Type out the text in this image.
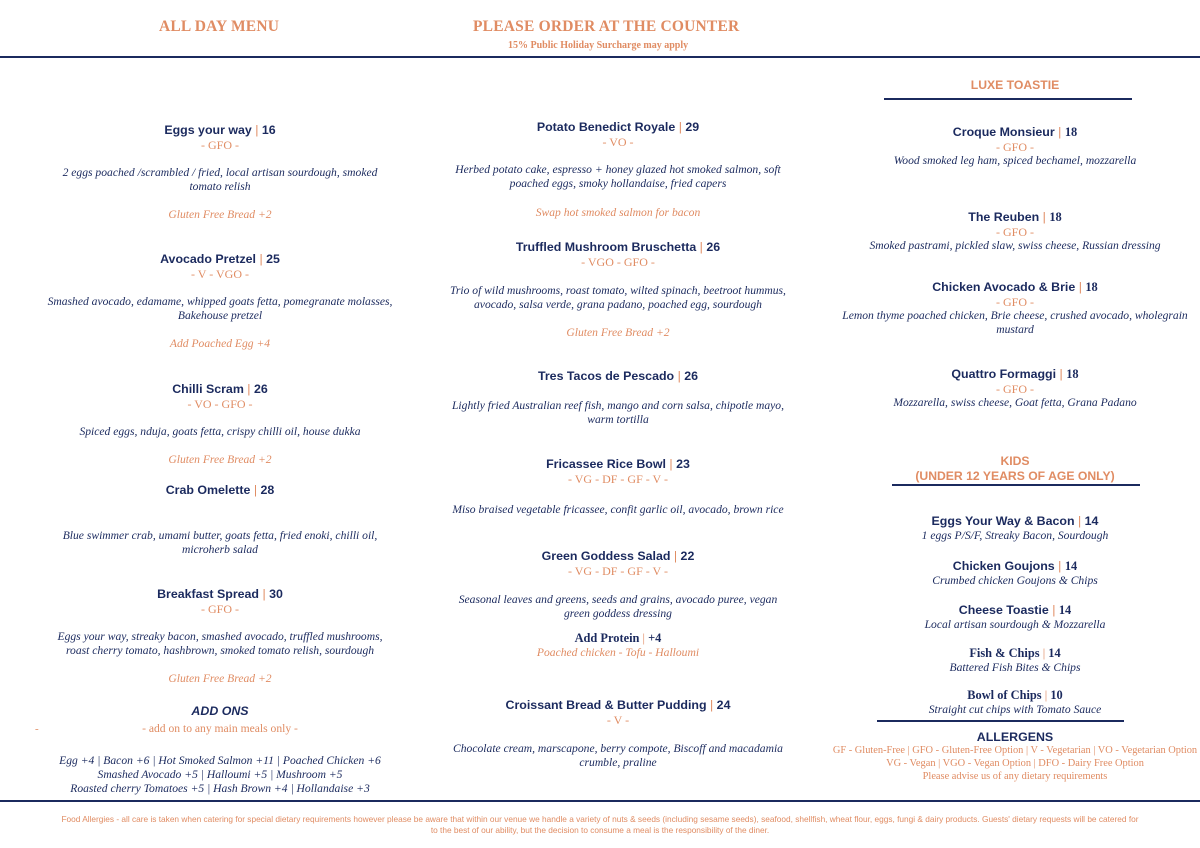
ALL DAY MENU	PLEASE ORDER AT THE COUNTER
15% Public Holiday Surcharge may apply
Eggs your way | 16
- GFO -
2 eggs poached /scrambled / fried, local artisan sourdough, smoked
tomato relish
Gluten Free Bread +2
Avocado Pretzel | 25
- V - VGO -
Smashed avocado, edamame, whipped goats fetta, pomegranate molasses,
Bakehouse pretzel
Add Poached Egg +4
Chilli Scram | 26
- VO - GFO -
Spiced eggs, nduja, goats fetta, crispy chilli oil, house dukka
Gluten Free Bread +2
Crab Omelette | 28
Blue swimmer crab, umami butter, goats fetta, fried enoki, chilli oil,
microherb salad
Breakfast Spread | 30
- GFO -
Eggs your way, streaky bacon, smashed avocado, truffled mushrooms,
roast cherry tomato, hashbrown, smoked tomato relish, sourdough
Gluten Free Bread +2
ADD ONS
- add on to any main meals only -
Egg +4 | Bacon +6 | Hot Smoked Salmon +11 | Poached Chicken +6
Smashed Avocado +5 | Halloumi +5 | Mushroom +5
Roasted cherry Tomatoes +5 | Hash Brown +4 | Hollandaise +3
-
Potato Benedict Royale | 29
- VO -
Herbed potato cake, espresso + honey glazed hot smoked salmon, soft
poached eggs, smoky hollandaise, fried capers
Swap hot smoked salmon for bacon
Truffled Mushroom Bruschetta | 26
- VGO - GFO -
Trio of wild mushrooms, roast tomato, wilted spinach, beetroot hummus,
avocado, salsa verde, grana padano, poached egg, sourdough
Gluten Free Bread +2
Tres Tacos de Pescado | 26
Lightly fried Australian reef fish, mango and corn salsa, chipotle mayo,
warm tortilla
Fricassee Rice Bowl | 23
- VG - DF - GF - V -
Miso braised vegetable fricassee, confit garlic oil, avocado, brown rice
Green Goddess Salad | 22
- VG - DF - GF - V -
Seasonal leaves and greens, seeds and grains, avocado puree, vegan
green goddess dressing
Add Protein | +4
Poached chicken - Tofu - Halloumi
Croissant Bread & Butter Pudding | 24
- V -
Chocolate cream, marscapone, berry compote, Biscoff and macadamia
crumble, praline
LUXE TOASTIE
Croque Monsieur | 18
- GFO -
Wood smoked leg ham, spiced bechamel, mozzarella
The Reuben | 18
- GFO -
Smoked pastrami, pickled slaw, swiss cheese, Russian dressing
Chicken Avocado & Brie | 18
- GFO -
Lemon thyme poached chicken, Brie cheese, crushed avocado, wholegrain
mustard
Quattro Formaggi | 18
- GFO -
Mozzarella, swiss cheese, Goat fetta, Grana Padano
KIDS
(UNDER 12 YEARS OF AGE ONLY)
Eggs Your Way & Bacon | 14
1 eggs P/S/F, Streaky Bacon, Sourdough
Chicken Goujons | 14
Crumbed chicken Goujons & Chips
Cheese Toastie | 14
Local artisan sourdough & Mozzarella
Fish & Chips | 14
Battered Fish Bites & Chips
Bowl of Chips | 10
Straight cut chips with Tomato Sauce
ALLERGENS
GF - Gluten-Free | GFO - Gluten-Free Option | V - Vegetarian | VO - Vegetarian Option
VG - Vegan | VGO - Vegan Option | DFO - Dairy Free Option
Please advise us of any dietary requirements
Food Allergies - all care is taken when catering for special dietary requirements however please be aware that within our venue we handle a variety of nuts & seeds (including sesame seeds), seafood, shellfish, wheat flour, eggs, fungi & dairy products. Guests' dietary requests will be catered for
to the best of our ability, but the decision to consume a meal is the responsibility of the diner.
